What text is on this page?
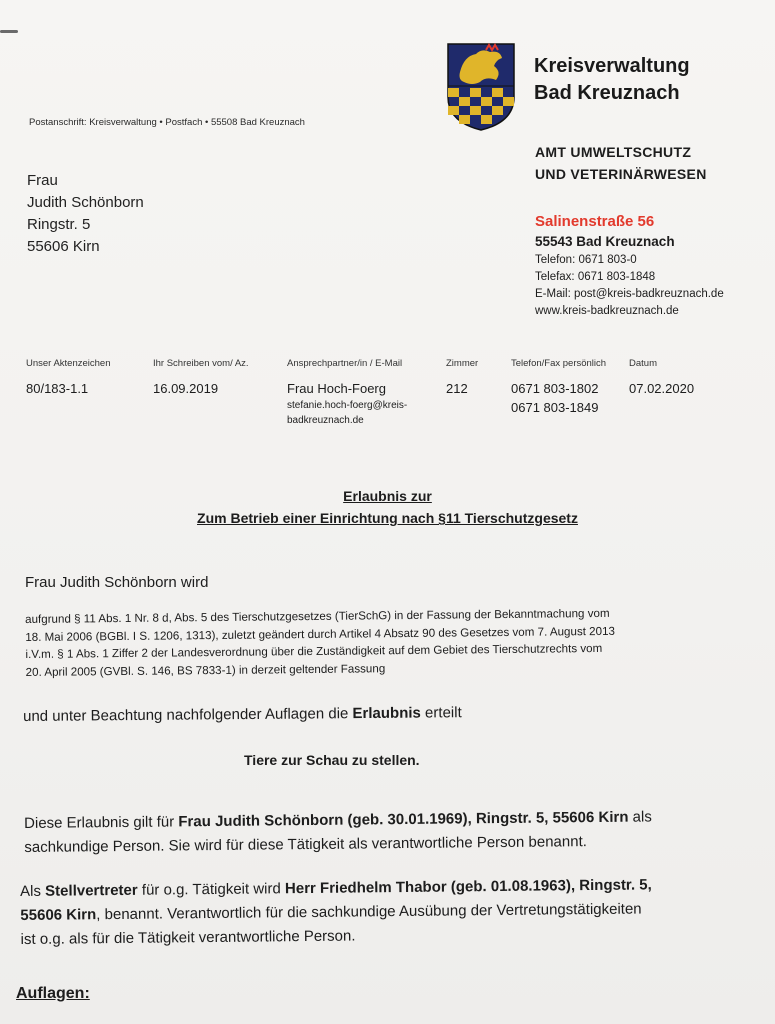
Kreisverwaltung
Bad Kreuznach
AMT UMWELTSCHUTZ
UND VETERINÄRWESEN
Salinenstraße 56
55543 Bad Kreuznach
Telefon: 0671 803-0
Telefax: 0671 803-1848
E-Mail: post@kreis-badkreuznach.de
www.kreis-badkreuznach.de
Postanschrift: Kreisverwaltung • Postfach • 55508 Bad Kreuznach
Frau
Judith Schönborn
Ringstr. 5
55606 Kirn
Unser Aktenzeichen
80/183-1.1
Ihr Schreiben vom/ Az.
16.09.2019
Ansprechpartner/in / E-Mail
Frau Hoch-Foerg
stefanie.hoch-foerg@kreis-
badkreuznach.de
Zimmer
212
Telefon/Fax persönlich
0671 803-1802
0671 803-1849
Datum
07.02.2020
Erlaubnis zur
Zum Betrieb einer Einrichtung nach §11 Tierschutzgesetz
Frau Judith Schönborn wird
aufgrund § 11 Abs. 1 Nr. 8 d, Abs. 5 des Tierschutzgesetzes (TierSchG) in der Fassung der Bekanntmachung vom
18. Mai 2006 (BGBl. I S. 1206, 1313), zuletzt geändert durch Artikel 4 Absatz 90 des Gesetzes vom 7. August 2013
i.V.m. § 1 Abs. 1 Ziffer 2 der Landesverordnung über die Zuständigkeit auf dem Gebiet des Tierschutzrechts vom
20. April 2005 (GVBl. S. 146, BS 7833-1) in derzeit geltender Fassung
und unter Beachtung nachfolgender Auflagen die Erlaubnis erteilt
Tiere zur Schau zu stellen.
Diese Erlaubnis gilt für Frau Judith Schönborn (geb. 30.01.1969), Ringstr. 5, 55606 Kirn als
sachkundige Person. Sie wird für diese Tätigkeit als verantwortliche Person benannt.
Als Stellvertreter für o.g. Tätigkeit wird Herr Friedhelm Thabor (geb. 01.08.1963), Ringstr. 5,
55606 Kirn, benannt. Verantwortlich für die sachkundige Ausübung der Vertretungstätigkeiten
ist o.g. als für die Tätigkeit verantwortliche Person.
Auflagen:
